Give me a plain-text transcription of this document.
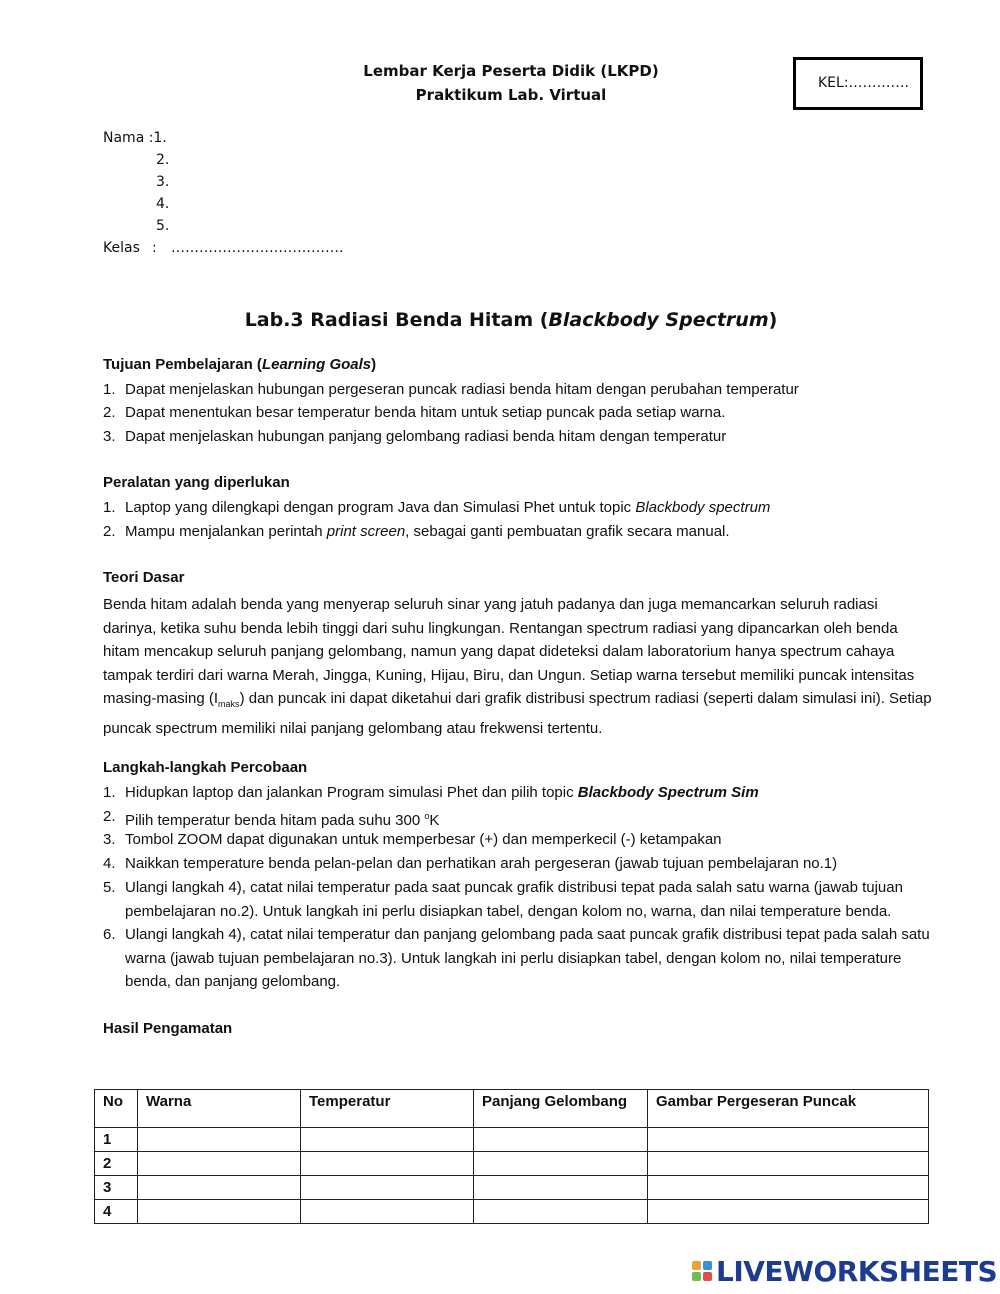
Lembar Kerja Peserta Didik (LKPD)
Praktikum Lab. Virtual
KEL:………….
Nama :1.
2.
3.
4.
5.
Kelas : ……………………………….
Lab.3 Radiasi Benda Hitam (Blackbody Spectrum)
Tujuan Pembelajaran (Learning Goals)
1. Dapat menjelaskan hubungan pergeseran puncak radiasi benda hitam dengan perubahan temperatur
2. Dapat menentukan besar temperatur benda hitam untuk setiap puncak pada setiap warna.
3. Dapat menjelaskan hubungan panjang gelombang radiasi benda hitam dengan temperatur
Peralatan yang diperlukan
1. Laptop yang dilengkapi dengan program Java dan Simulasi Phet untuk topic Blackbody spectrum
2. Mampu menjalankan perintah print screen, sebagai ganti pembuatan grafik secara manual.
Teori Dasar
Benda hitam adalah benda yang menyerap seluruh sinar yang jatuh padanya dan juga memancarkan seluruh radiasi
darinya, ketika suhu benda lebih tinggi dari suhu lingkungan. Rentangan spectrum radiasi yang dipancarkan oleh benda
hitam mencakup seluruh panjang gelombang, namun yang dapat dideteksi dalam laboratorium hanya spectrum cahaya
tampak terdiri dari warna Merah, Jingga, Kuning, Hijau, Biru, dan Ungun. Setiap warna tersebut memiliki puncak intensitas
masing-masing $(I_{maks})$ dan puncak ini dapat diketahui dari grafik distribusi spectrum radiasi (seperti dalam simulasi ini). Setiap
puncak spectrum memiliki nilai panjang gelombang atau frekwensi tertentu.
Langkah-langkah Percobaan
1. Hidupkan laptop dan jalankan Program simulasi Phet dan pilih topic Blackbody Spectrum Sim
2. Pilih temperatur benda hitam pada suhu 300 $^o$K
3. Tombol ZOOM dapat digunakan untuk memperbesar (+) dan memperkecil (-) ketampakan
4. Naikkan temperature benda pelan-pelan dan perhatikan arah pergeseran (jawab tujuan pembelajaran no.1)
5. Ulangi langkah 4), catat nilai temperatur pada saat puncak grafik distribusi tepat pada salah satu warna (jawab tujuan
pembelajaran no.2). Untuk langkah ini perlu disiapkan tabel, dengan kolom no, warna, dan nilai temperature benda.
6. Ulangi langkah 4), catat nilai temperatur dan panjang gelombang pada saat puncak grafik distribusi tepat pada salah satu
warna (jawab tujuan pembelajaran no.3). Untuk langkah ini perlu disiapkan tabel, dengan kolom no, nilai temperature
benda, dan panjang gelombang.
Hasil Pengamatan
No	Warna	Temperatur	Panjang Gelombang	Gambar Pergeseran Puncak
1				
2				
3				
4				
LIVEWORKSHEETS
